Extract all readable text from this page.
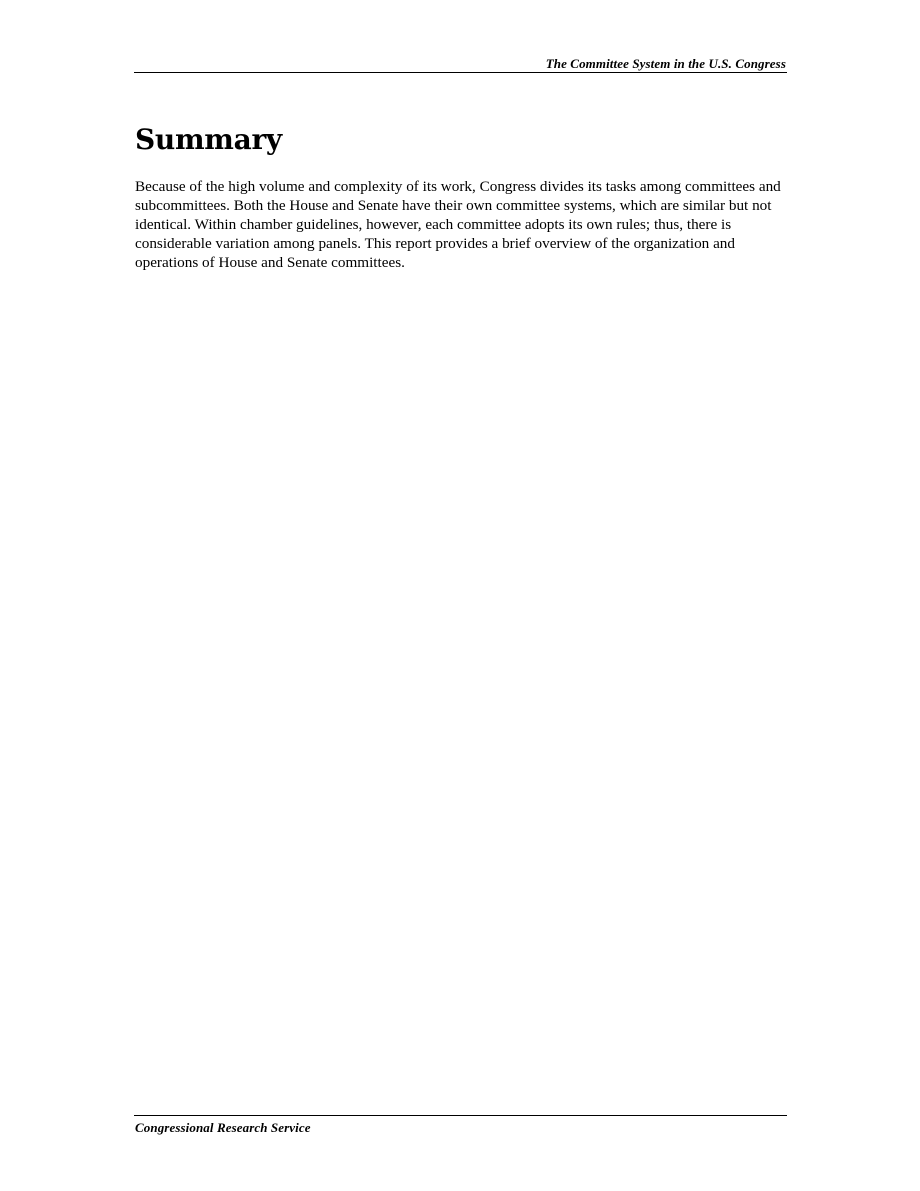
The Committee System in the U.S. Congress
Summary

Because of the high volume and complexity of its work, Congress divides its tasks among committees and subcommittees. Both the House and Senate have their own committee systems, which are similar but not identical. Within chamber guidelines, however, each committee adopts its own rules; thus, there is considerable variation among panels. This report provides a brief overview of the organization and operations of House and Senate committees.

Congressional Research Service
